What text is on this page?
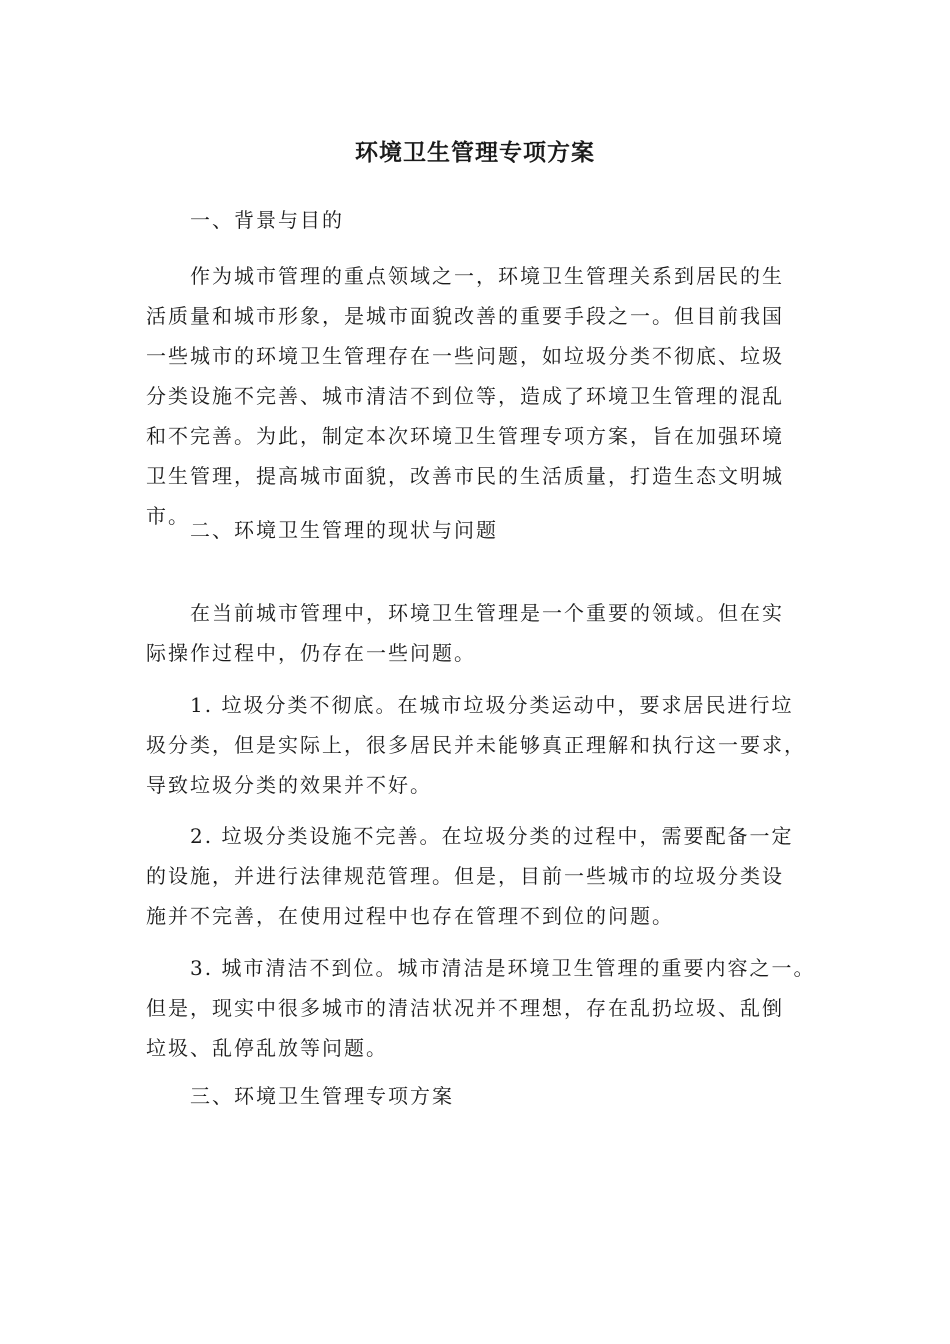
环境卫生管理专项方案

一、背景与目的

作为城市管理的重点领域之一，环境卫生管理关系到居民的生
活质量和城市形象，是城市面貌改善的重要手段之一。但目前我国
一些城市的环境卫生管理存在一些问题，如垃圾分类不彻底、垃圾
分类设施不完善、城市清洁不到位等，造成了环境卫生管理的混乱
和不完善。为此，制定本次环境卫生管理专项方案，旨在加强环境
卫生管理，提高城市面貌，改善市民的生活质量，打造生态文明城
市。

二、环境卫生管理的现状与问题

在当前城市管理中，环境卫生管理是一个重要的领域。但在实
际操作过程中，仍存在一些问题。

1. 垃圾分类不彻底。在城市垃圾分类运动中，要求居民进行垃
圾分类，但是实际上，很多居民并未能够真正理解和执行这一要求，
导致垃圾分类的效果并不好。

2. 垃圾分类设施不完善。在垃圾分类的过程中，需要配备一定
的设施，并进行法律规范管理。但是，目前一些城市的垃圾分类设
施并不完善，在使用过程中也存在管理不到位的问题。

3. 城市清洁不到位。城市清洁是环境卫生管理的重要内容之一。
但是，现实中很多城市的清洁状况并不理想，存在乱扔垃圾、乱倒
垃圾、乱停乱放等问题。

三、环境卫生管理专项方案
